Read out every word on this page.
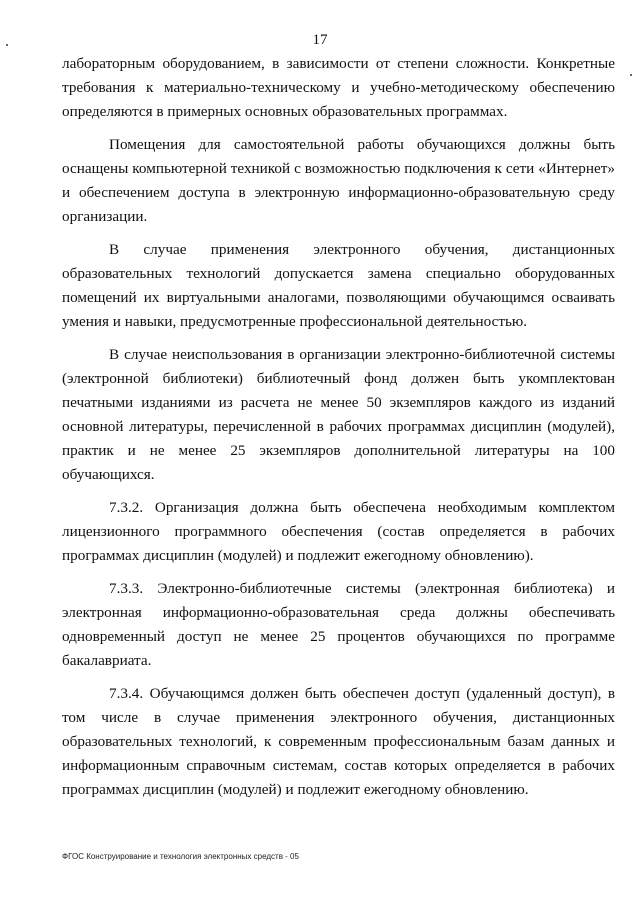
17

лабораторным оборудованием, в зависимости от степени сложности. Конкретные требования к материально-техническому и учебно-методическому обеспечению определяются в примерных основных образовательных программах.

Помещения для самостоятельной работы обучающихся должны быть оснащены компьютерной техникой с возможностью подключения к сети «Интернет» и обеспечением доступа в электронную информационно-образовательную среду организации.

В случае применения электронного обучения, дистанционных образовательных технологий допускается замена специально оборудованных помещений их виртуальными аналогами, позволяющими обучающимся осваивать умения и навыки, предусмотренные профессиональной деятельностью.

В случае неиспользования в организации электронно-библиотечной системы (электронной библиотеки) библиотечный фонд должен быть укомплектован печатными изданиями из расчета не менее 50 экземпляров каждого из изданий основной литературы, перечисленной в рабочих программах дисциплин (модулей), практик и не менее 25 экземпляров дополнительной литературы на 100 обучающихся.

7.3.2. Организация должна быть обеспечена необходимым комплектом лицензионного программного обеспечения (состав определяется в рабочих программах дисциплин (модулей) и подлежит ежегодному обновлению).

7.3.3. Электронно-библиотечные системы (электронная библиотека) и электронная информационно-образовательная среда должны обеспечивать одновременный доступ не менее 25 процентов обучающихся по программе бакалавриата.

7.3.4. Обучающимся должен быть обеспечен доступ (удаленный доступ), в том числе в случае применения электронного обучения, дистанционных образовательных технологий, к современным профессиональным базам данных и информационным справочным системам, состав которых определяется в рабочих программах дисциплин (модулей) и подлежит ежегодному обновлению.

ФГОС Конструирование и технология электронных средств - 05
